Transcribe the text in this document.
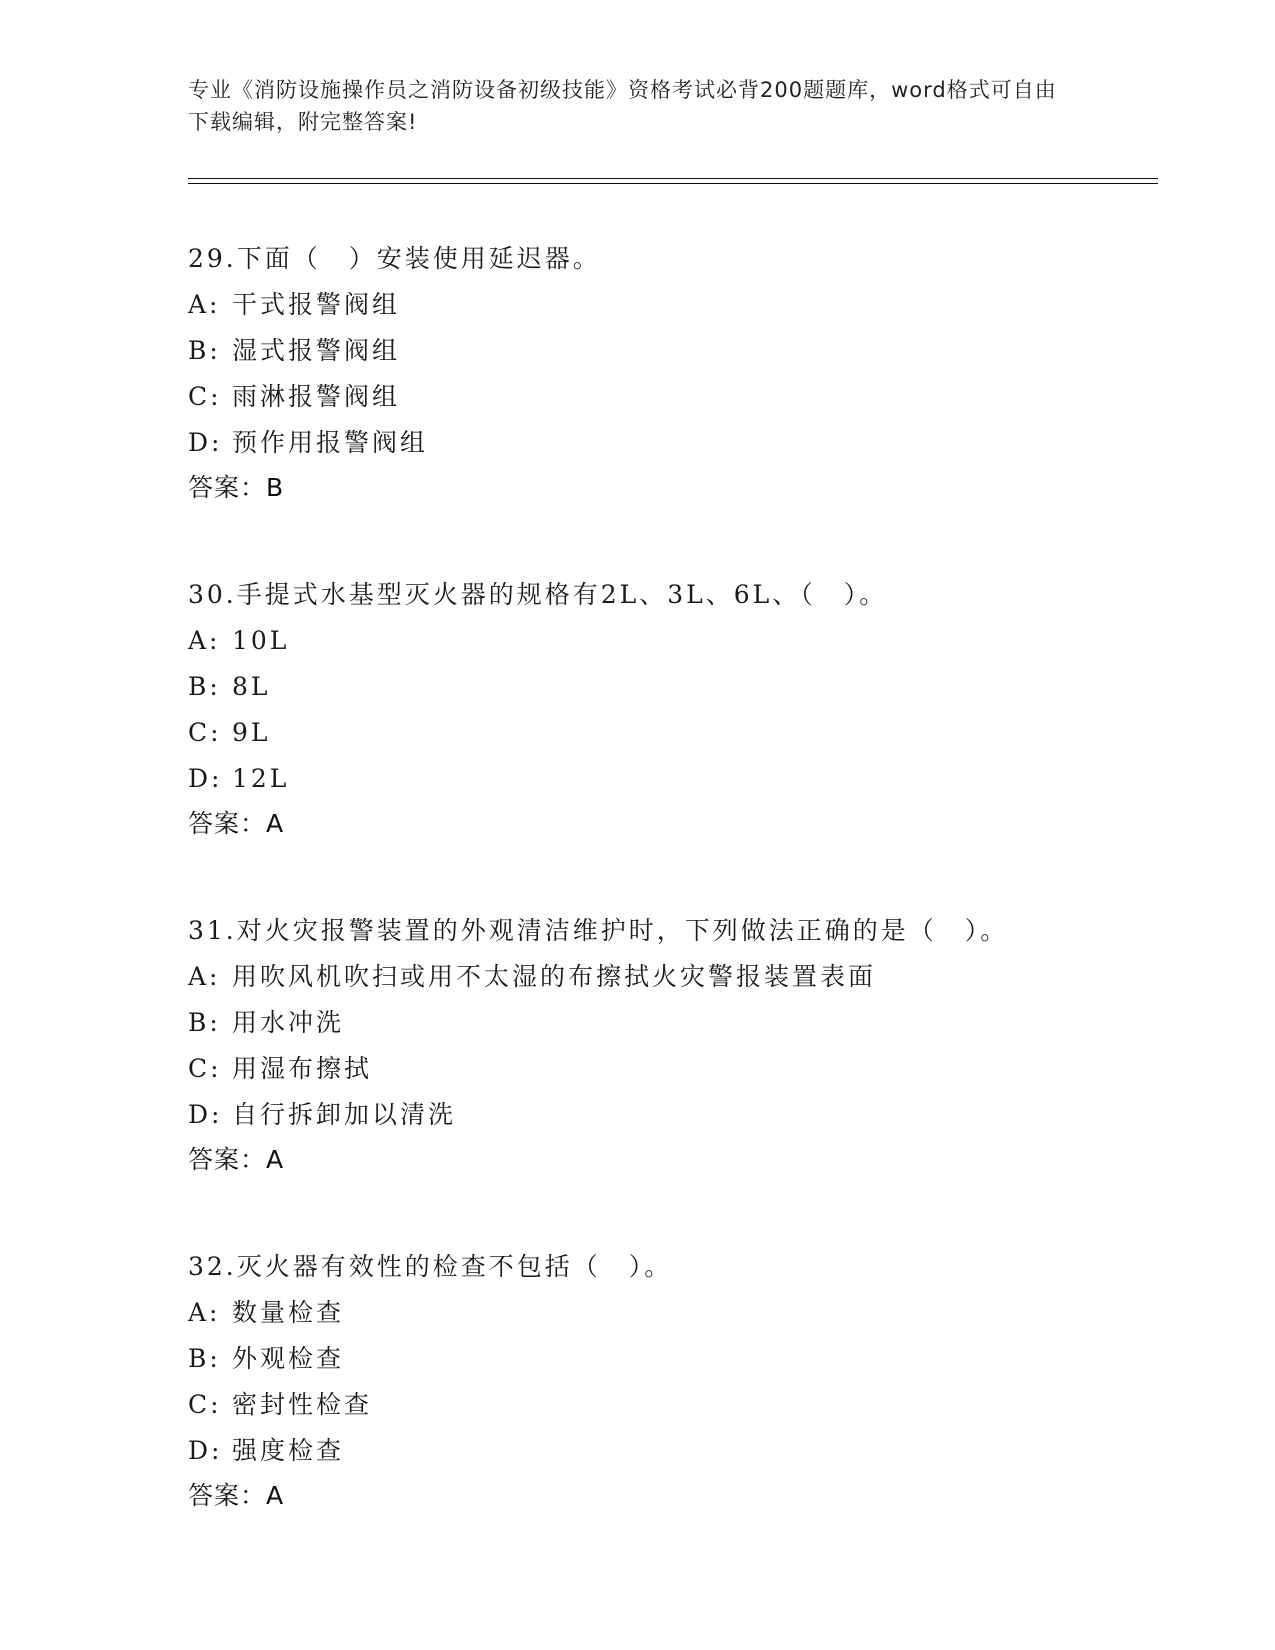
专业《消防设施操作员之消防设备初级技能》资格考试必背200题题库，word格式可自由下载编辑，附完整答案!
29.下面（　）安装使用延迟器。
A: 干式报警阀组
B: 湿式报警阀组
C: 雨淋报警阀组
D: 预作用报警阀组
答案：B
30.手提式水基型灭火器的规格有2L、3L、6L、（　）。
A: 10L
B: 8L
C: 9L
D: 12L
答案：A
31.对火灾报警装置的外观清洁维护时，下列做法正确的是（　）。
A: 用吹风机吹扫或用不太湿的布擦拭火灾警报装置表面
B: 用水冲洗
C: 用湿布擦拭
D: 自行拆卸加以清洗
答案：A
32.灭火器有效性的检查不包括（　）。
A: 数量检查
B: 外观检查
C: 密封性检查
D: 强度检查
答案：A
